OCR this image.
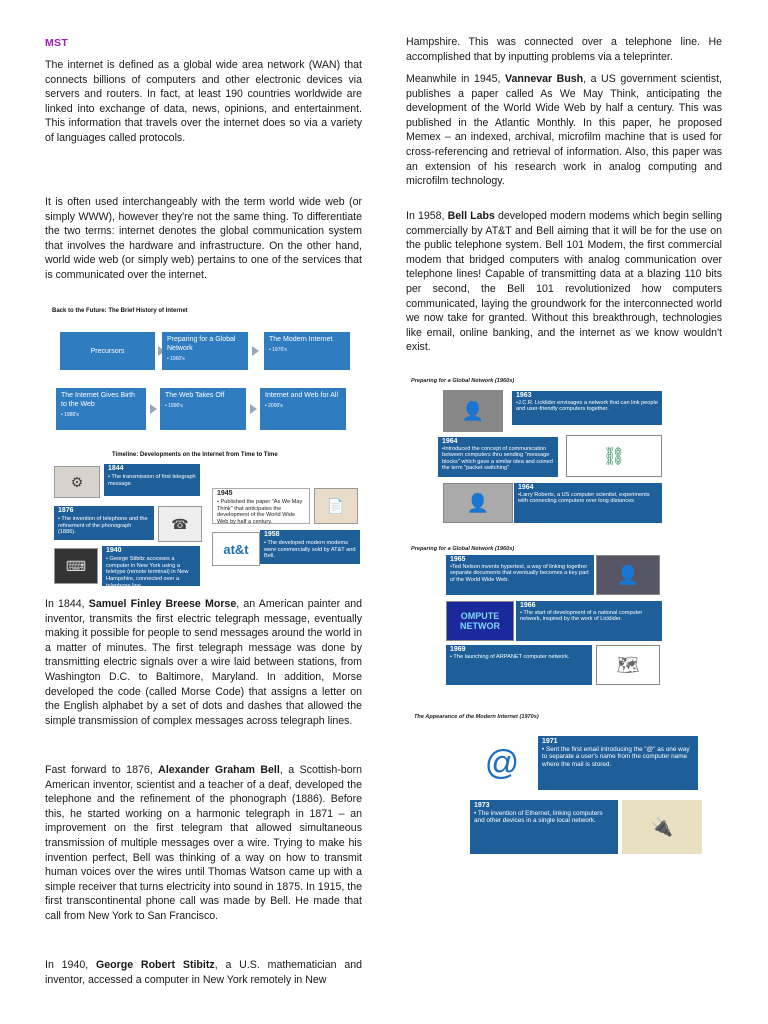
MST

The internet is defined as a global wide area network (WAN) that connects billions of computers and other electronic devices via servers and routers. In fact, at least 190 countries worldwide are linked into exchange of data, news, opinions, and entertainment. This information that travels over the internet does so via a variety of languages called protocols.

It is often used interchangeably with the term world wide web (or simply WWW), however they're not the same thing. To differentiate the two terms: internet denotes the global communication system that involves the hardware and infrastructure. On the other hand, world wide web (or simply web) pertains to one of the services that is communicated over the internet.

In 1844, Samuel Finley Breese Morse, an American painter and inventor, transmits the first electric telegraph message, eventually making it possible for people to send messages around the world in a matter of minutes. The first telegraph message was done by transmitting electric signals over a wire laid between stations, from Washington D.C. to Baltimore, Maryland. In addition, Morse developed the code (called Morse Code) that assigns a letter on the English alphabet by a set of dots and dashes that allowed the simple transmission of complex messages across telegraph lines.

Fast forward to 1876, Alexander Graham Bell, a Scottish-born American inventor, scientist and a teacher of a deaf, developed the telephone and the refinement of the phonograph (1886). Before this, he started working on a harmonic telegraph in 1871 – an improvement on the first telegram that allowed simultaneous transmission of multiple messages over a wire. Trying to make his invention perfect, Bell was thinking of a way on how to transmit human voices over the wires until Thomas Watson came up with a simple receiver that turns electricity into sound in 1875. In 1915, the first transcontinental phone call was made by Bell. He made that call from New York to San Francisco.

In 1940, George Robert Stibitz, a U.S. mathematician and inventor, accessed a computer in New York remotely in New

Back to the Future: The Brief History of Internet
Precursors
Preparing for a Global Network
• 1960's
The Modern Internet
• 1970's
The Internet Gives Birth to the Web
• 1980's
The Web Takes Off
• 1990's
Internet and Web for All
• 2000's
Timeline: Developments on the Internet from Time to Time
⚙
1844
• The transmission of first telegraph message.
1876
• The invention of telephone and the refinement of the phonograph (1886).
☎
⌨
1940
• George Stibitz accesses a computer in New York using a teletype (remote terminal) in New Hampshire, connected over a telephone line.
1945
• Published the paper "As We May Think" that anticipates the development of the World Wide Web by half a century.
📄
at&t
1958
• The developed modern modems were commercially sold by AT&T and Bell.

Hampshire. This was connected over a telephone line. He accomplished that by inputting problems via a teleprinter.

Meanwhile in 1945, Vannevar Bush, a US government scientist, publishes a paper called As We May Think, anticipating the development of the World Wide Web by half a century. This was published in the Atlantic Monthly. In this paper, he proposed Memex – an indexed, archival, microfilm machine that is used for cross-referencing and retrieval of information. Also, this paper was an extension of his research work in analog computing and microfilm technology.

In 1958, Bell Labs developed modern modems which begin selling commercially by AT&T and Bell aiming that it will be for the use on the public telephone system. Bell 101 Modem, the first commercial modem that bridged computers with analog communication over telephone lines! Capable of transmitting data at a blazing 110 bits per second, the Bell 101 revolutionized how computers communicated, laying the groundwork for the interconnected world we now take for granted. Without this breakthrough, technologies like email, online banking, and the internet as we know wouldn't exist.

Preparing for a Global Network (1960s)
👤
1963
•J.C.R. Licklider envisages a network that can link people and user-friendly computers together.
1964
•Introduced the concept of communication between computers thru sending "message blocks" which gave a similar idea and coined the term "packet switching"
⛓
👤
1964
•Larry Roberts, a US computer scientist, experiments with connecting computers over long distances
Preparing for a Global Network (1960s)
1965
•Ted Nelson invents hypertext, a way of linking together separate documents that eventually becomes a key part of the World Wide Web.	👤
OMPUTE NETWOR
1966
• The start of development of a national computer network, inspired by the work of Licklider.
1969
• The launching of ARPANET computer network.	🗺
The Appearance of the Modern Internet (1970s)
@
1971
• Sent the first email introducing the "@" as one way to separate a user's name from the computer name where the mail is stored.
1973
• The invention of Ethernet, linking computers and other devices in a single local network.	🔌
